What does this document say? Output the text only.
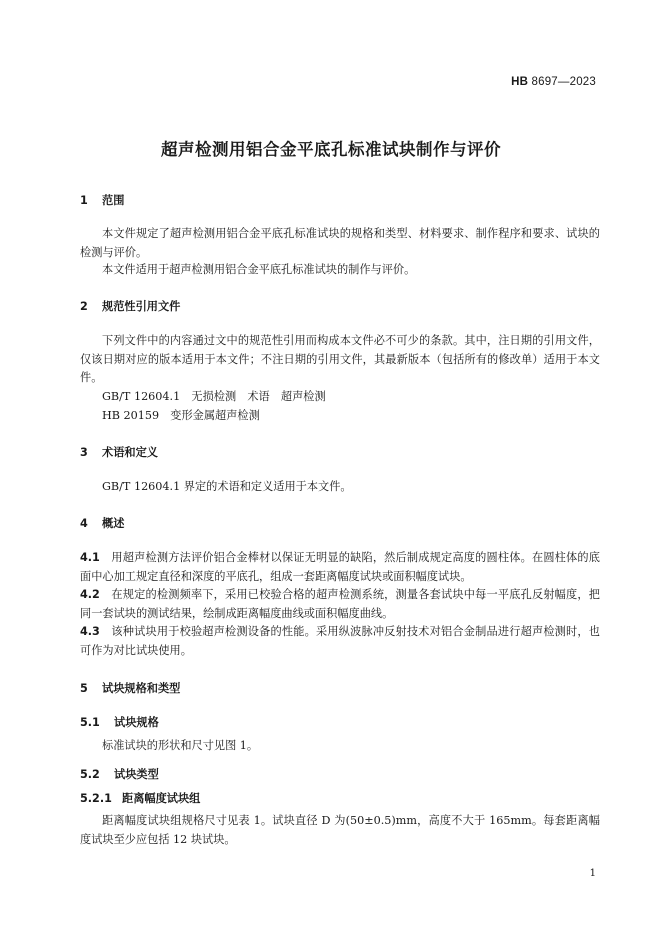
HB 8697—2023
超声检测用铝合金平底孔标准试块制作与评价
1 范围
本文件规定了超声检测用铝合金平底孔标准试块的规格和类型、材料要求、制作程序和要求、试块的检测与评价。
本文件适用于超声检测用铝合金平底孔标准试块的制作与评价。
2 规范性引用文件
下列文件中的内容通过文中的规范性引用而构成本文件必不可少的条款。其中，注日期的引用文件，仅该日期对应的版本适用于本文件；不注日期的引用文件，其最新版本（包括所有的修改单）适用于本文件。
GB/T 12604.1　无损检测　术语　超声检测
HB 20159　变形金属超声检测
3 术语和定义
GB/T 12604.1 界定的术语和定义适用于本文件。
4 概述
4.1　 用超声检测方法评价铝合金棒材以保证无明显的缺陷，然后制成规定高度的圆柱体。在圆柱体的底面中心加工规定直径和深度的平底孔，组成一套距离幅度试块或面积幅度试块。
4.2　 在规定的检测频率下，采用已校验合格的超声检测系统，测量各套试块中每一平底孔反射幅度，把同一套试块的测试结果，绘制成距离幅度曲线或面积幅度曲线。
4.3　 该种试块用于校验超声检测设备的性能。采用纵波脉冲反射技术对铝合金制品进行超声检测时，也可作为对比试块使用。
5 试块规格和类型
5.1 试块规格
标准试块的形状和尺寸见图 1。
5.2 试块类型
5.2.1 距离幅度试块组
距离幅度试块组规格尺寸见表 1。试块直径 D 为(50±0.5)mm，高度不大于 165mm。每套距离幅度试块至少应包括 12 块试块。
1
